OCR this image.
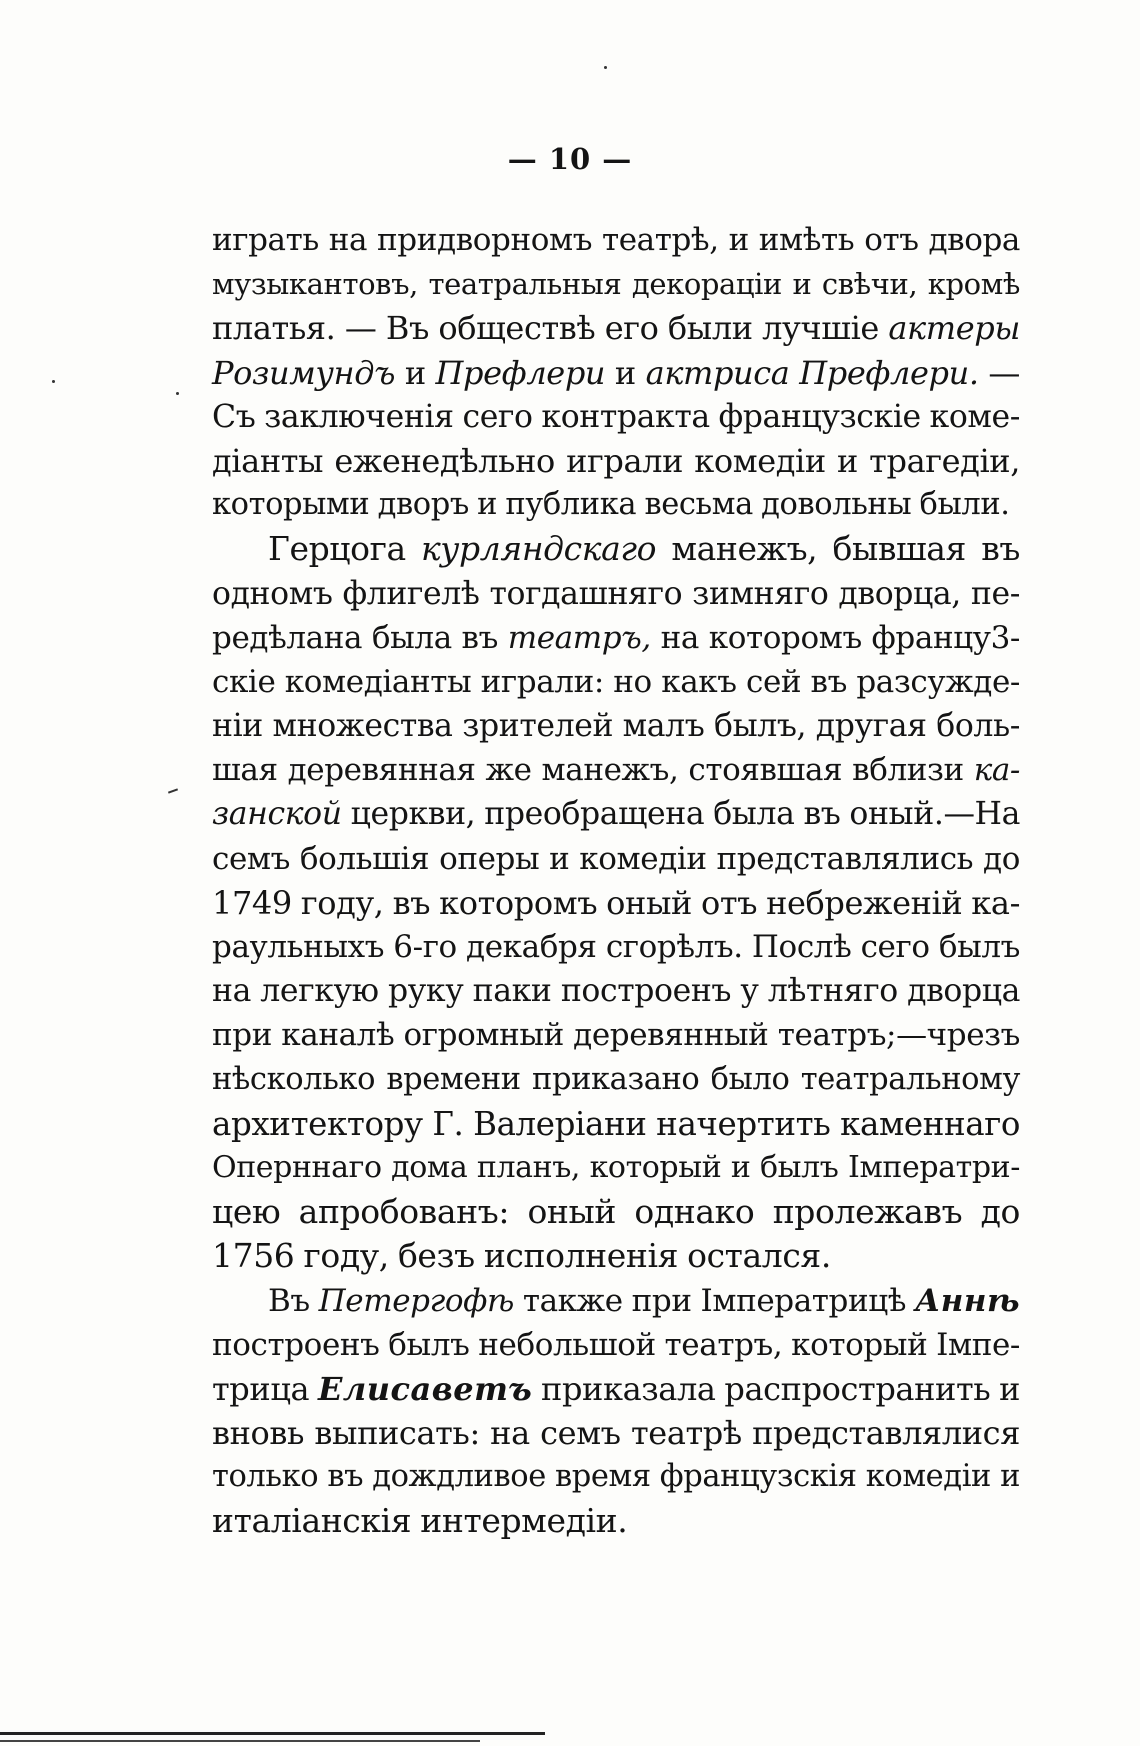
— 10 —
играть на придворномъ театрѣ, и имѣть отъ двора
музыкантовъ, театральныя декораціи и свѣчи, кромѣ
платья. — Въ обществѣ его были лучшіе актеры
Розимундъ и Префлери и актриса Префлери. —
Съ заключенія сего контракта французскіе коме-
діанты еженедѣльно играли комедіи и трагедіи,
которыми дворъ и публика весьма довольны были.
Герцога курляндскаго манежъ, бывшая въ
одномъ флигелѣ тогдашняго зимняго дворца, пе-
редѣлана была въ театръ, на которомъ францу3-
скіе комедіанты играли: но какъ сей въ разсужде-
ніи множества зрителей малъ былъ, другая боль-
шая деревянная же манежъ, стоявшая вблизи ка-
занской церкви, преобращена была въ оный.—На
семъ большія оперы и комедіи представлялись до
1749 году, въ которомъ оный отъ небреженій ка-
раульныхъ 6-го декабря сгорѣлъ. Послѣ сего былъ
на легкую руку паки построенъ у лѣтняго дворца
при каналѣ огромный деревянный театръ;—чрезъ
нѣсколько времени приказано было театральному
архитектору Г. Валеріани начертить каменнаго
Оперннаго дома планъ, который и былъ Імператри-
цею апробованъ: оный однако пролежавъ до
1756 году, безъ исполненія остался.
Въ Петергофѣ также при Імператрицѣ Аннѣ
построенъ былъ небольшой театръ, который Імпе-
трица Елисаветъ приказала распространить и
вновь выписать: на семъ театрѣ представлялися
только въ дождливое время французскія комедіи и
италіанскія интермедіи.
